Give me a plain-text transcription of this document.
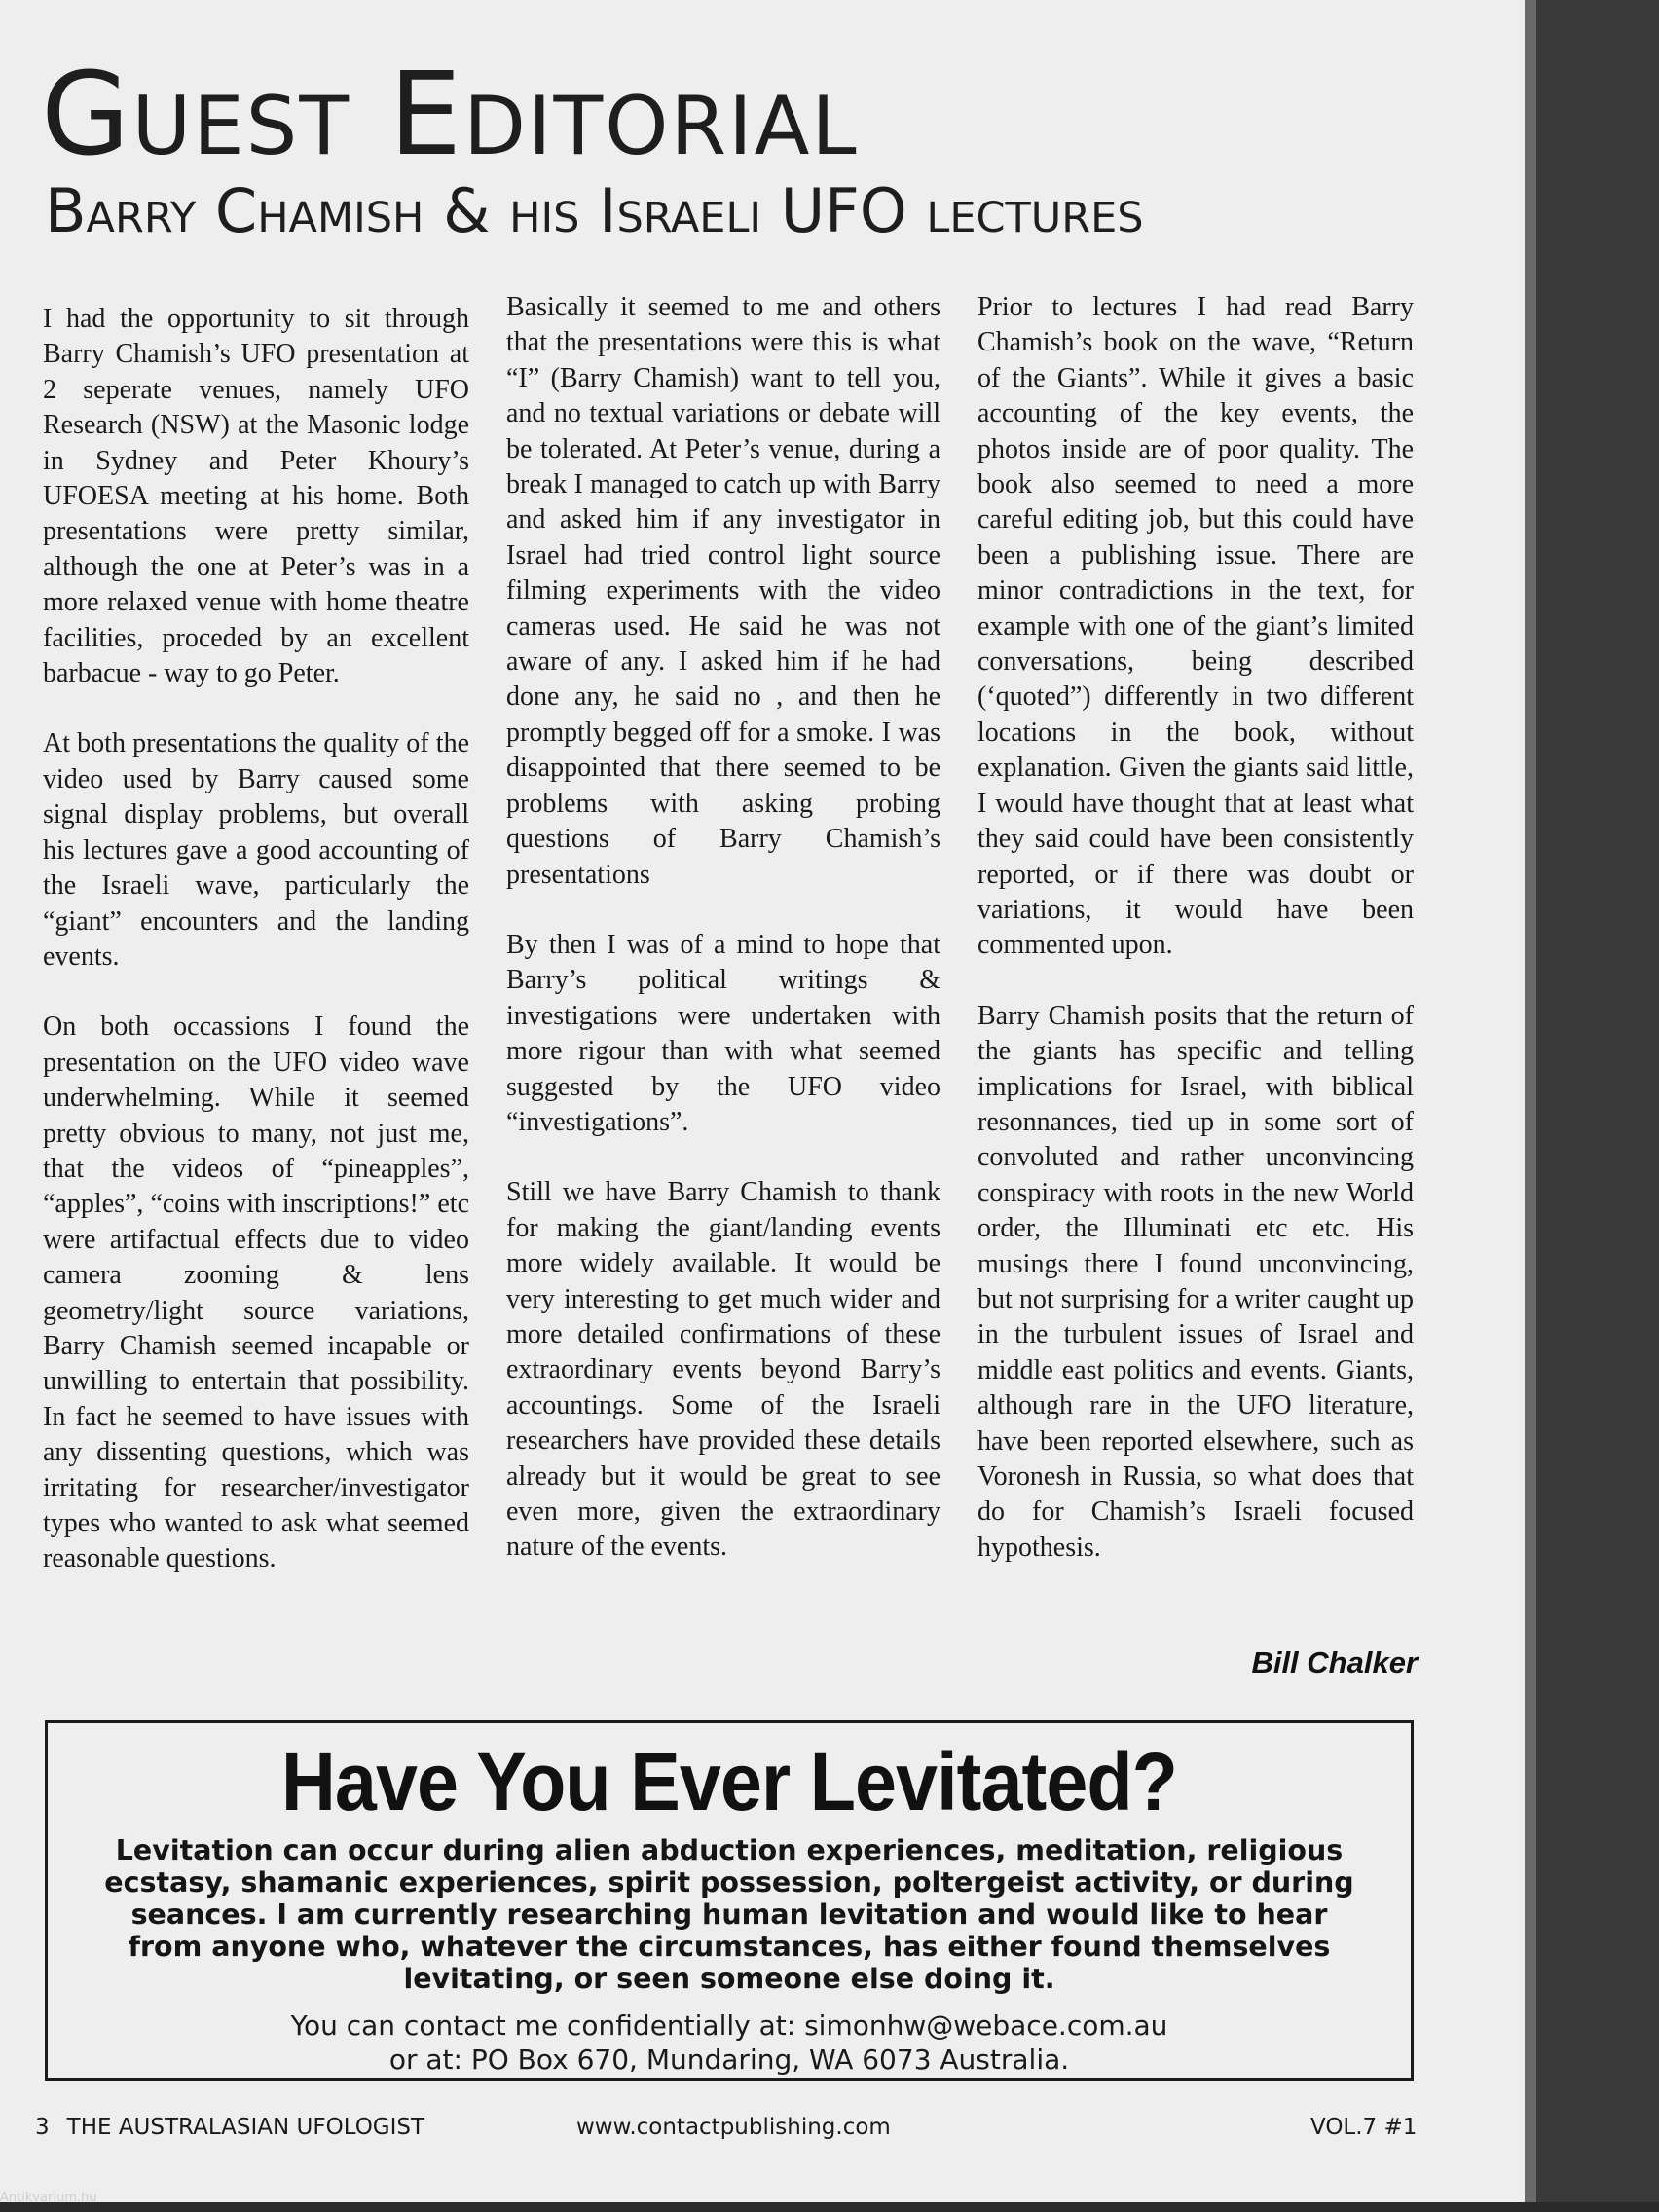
Guest Editorial
Barry Chamish & his Israeli UFO lectures

I had the opportunity to sit through Barry Chamish’s UFO presentation at 2 seperate venues, namely UFO Research (NSW) at the Masonic lodge in Sydney and Peter Khoury’s UFOESA meeting at his home. Both presentations were pretty similar, although the one at Peter’s was in a more relaxed venue with home theatre facilities, proceded by an excellent barbacue - way to go Peter.

At both presentations the quality of the video used by Barry caused some signal display problems, but overall his lectures gave a good accounting of the Israeli wave, particularly the “giant” encounters and the landing events.

On both occassions I found the presentation on the UFO video wave underwhelming. While it seemed pretty obvious to many, not just me, that the videos of “pineapples”, “apples”, “coins with inscriptions!” etc were artifactual effects due to video camera zooming & lens geometry/light source variations, Barry Chamish seemed incapable or unwilling to entertain that possibility. In fact he seemed to have issues with any dissenting questions, which was irritating for researcher/investigator types who wanted to ask what seemed reasonable questions.

Basically it seemed to me and others that the presentations were this is what “I” (Barry Chamish) want to tell you, and no textual variations or debate will be tolerated. At Peter’s venue, during a break I managed to catch up with Barry and asked him if any investigator in Israel had tried control light source filming experiments with the video cameras used. He said he was not aware of any. I asked him if he had done any, he said no , and then he promptly begged off for a smoke. I was disappointed that there seemed to be problems with asking probing questions of Barry Chamish’s presentations

By then I was of a mind to hope that Barry’s political writings & investigations were undertaken with more rigour than with what seemed suggested by the UFO video “investigations”.

Still we have Barry Chamish to thank for making the giant/landing events more widely available. It would be very interesting to get much wider and more detailed confirmations of these extraordinary events beyond Barry’s accountings. Some of the Israeli researchers have provided these details already but it would be great to see even more, given the extraordinary nature of the events.

Prior to lectures I had read Barry Chamish’s book on the wave, “Return of the Giants”. While it gives a basic accounting of the key events, the photos inside are of poor quality. The book also seemed to need a more careful editing job, but this could have been a publishing issue. There are minor contradictions in the text, for example with one of the giant’s limited conversations, being described (‘quoted”) differently in two different locations in the book, without explanation. Given the giants said little, I would have thought that at least what they said could have been consistently reported, or if there was doubt or variations, it would have been commented upon.

Barry Chamish posits that the return of the giants has specific and telling implications for Israel, with biblical resonnances, tied up in some sort of convoluted and rather unconvincing conspiracy with roots in the new World order, the Illuminati etc etc. His musings there I found unconvincing, but not surprising for a writer caught up in the turbulent issues of Israel and middle east politics and events. Giants, although rare in the UFO literature, have been reported elsewhere, such as Voronesh in Russia, so what does that do for Chamish’s Israeli focused hypothesis.

Bill Chalker
Have You Ever Levitated?
Levitation can occur during alien abduction experiences, meditation, religious ecstasy, shamanic experiences, spirit possession, poltergeist activity, or during seances. I am currently researching human levitation and would like to hear from anyone who, whatever the circumstances, has either found themselves levitating, or seen someone else doing it.
You can contact me confidentially at: simonhw@webace.com.au
or at: PO Box 670, Mundaring, WA 6073 Australia.
3 THE AUSTRALASIAN UFOLOGIST	www.contactpublishing.com	VOL.7 #1
Antikvarium.hu
